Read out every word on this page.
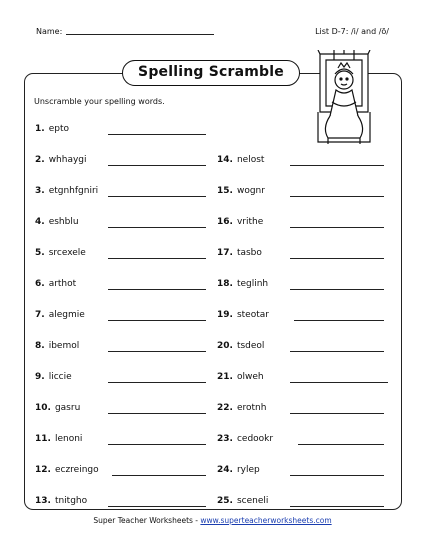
Name:	List D-7: /i/ and /ō/
Spelling Scramble
Unscramble your spelling words.
1. epto
2. whhaygi
3. etgnhfgniri
4. eshblu
5. srcexele
6. arthot
7. alegmie
8. ibemol
9. liccie
10. gasru
11. lenoni
12. eczreingo
13. tnitgho
14. nelost
15. wognr
16. vrithe
17. tasbo
18. teglinh
19. steotar
20. tsdeol
21. olweh
22. erotnh
23. cedookr
24. rylep
25. sceneli
Super Teacher Worksheets - www.superteacherworksheets.com
